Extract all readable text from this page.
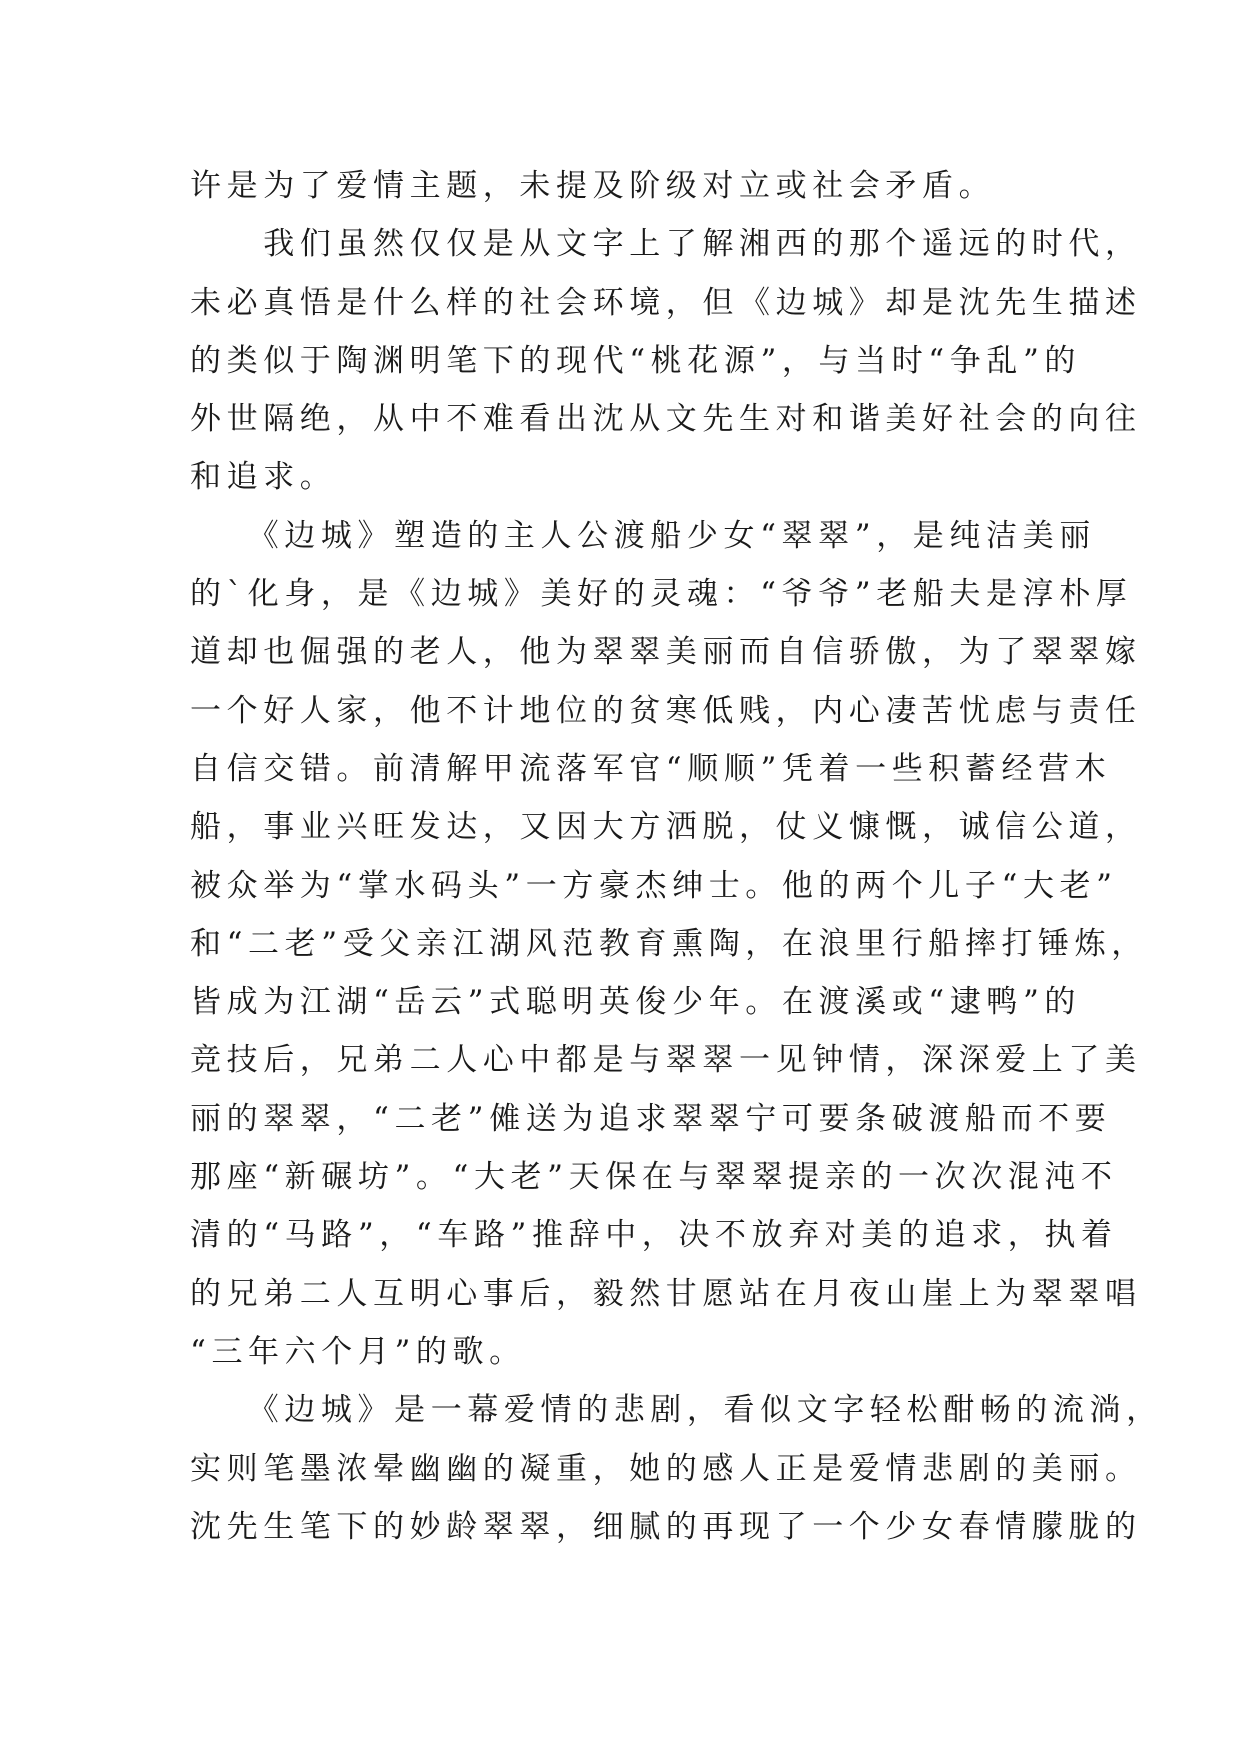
许是为了爱情主题，未提及阶级对立或社会矛盾。
　　我们虽然仅仅是从文字上了解湘西的那个遥远的时代，
未必真悟是什么样的社会环境，但《边城》却是沈先生描述
的类似于陶渊明笔下的现代“桃花源”，与当时“争乱”的
外世隔绝，从中不难看出沈从文先生对和谐美好社会的向往
和追求。
　　《边城》塑造的主人公渡船少女“翠翠”，是纯洁美丽
的`化身，是《边城》美好的灵魂：“爷爷”老船夫是淳朴厚
道却也倔强的老人，他为翠翠美丽而自信骄傲，为了翠翠嫁
一个好人家，他不计地位的贫寒低贱，内心凄苦忧虑与责任
自信交错。前清解甲流落军官“顺顺”凭着一些积蓄经营木
船，事业兴旺发达，又因大方洒脱，仗义慷慨，诚信公道，
被众举为“掌水码头”一方豪杰绅士。他的两个儿子“大老”
和“二老”受父亲江湖风范教育熏陶，在浪里行船摔打锤炼，
皆成为江湖“岳云”式聪明英俊少年。在渡溪或“逮鸭”的
竞技后，兄弟二人心中都是与翠翠一见钟情，深深爱上了美
丽的翠翠，“二老”傩送为追求翠翠宁可要条破渡船而不要
那座“新碾坊”。“大老”天保在与翠翠提亲的一次次混沌不
清的“马路”，“车路”推辞中，决不放弃对美的追求，执着
的兄弟二人互明心事后，毅然甘愿站在月夜山崖上为翠翠唱
“三年六个月”的歌。
　　《边城》是一幕爱情的悲剧，看似文字轻松酣畅的流淌，
实则笔墨浓晕幽幽的凝重，她的感人正是爱情悲剧的美丽。
沈先生笔下的妙龄翠翠，细腻的再现了一个少女春情朦胧的
